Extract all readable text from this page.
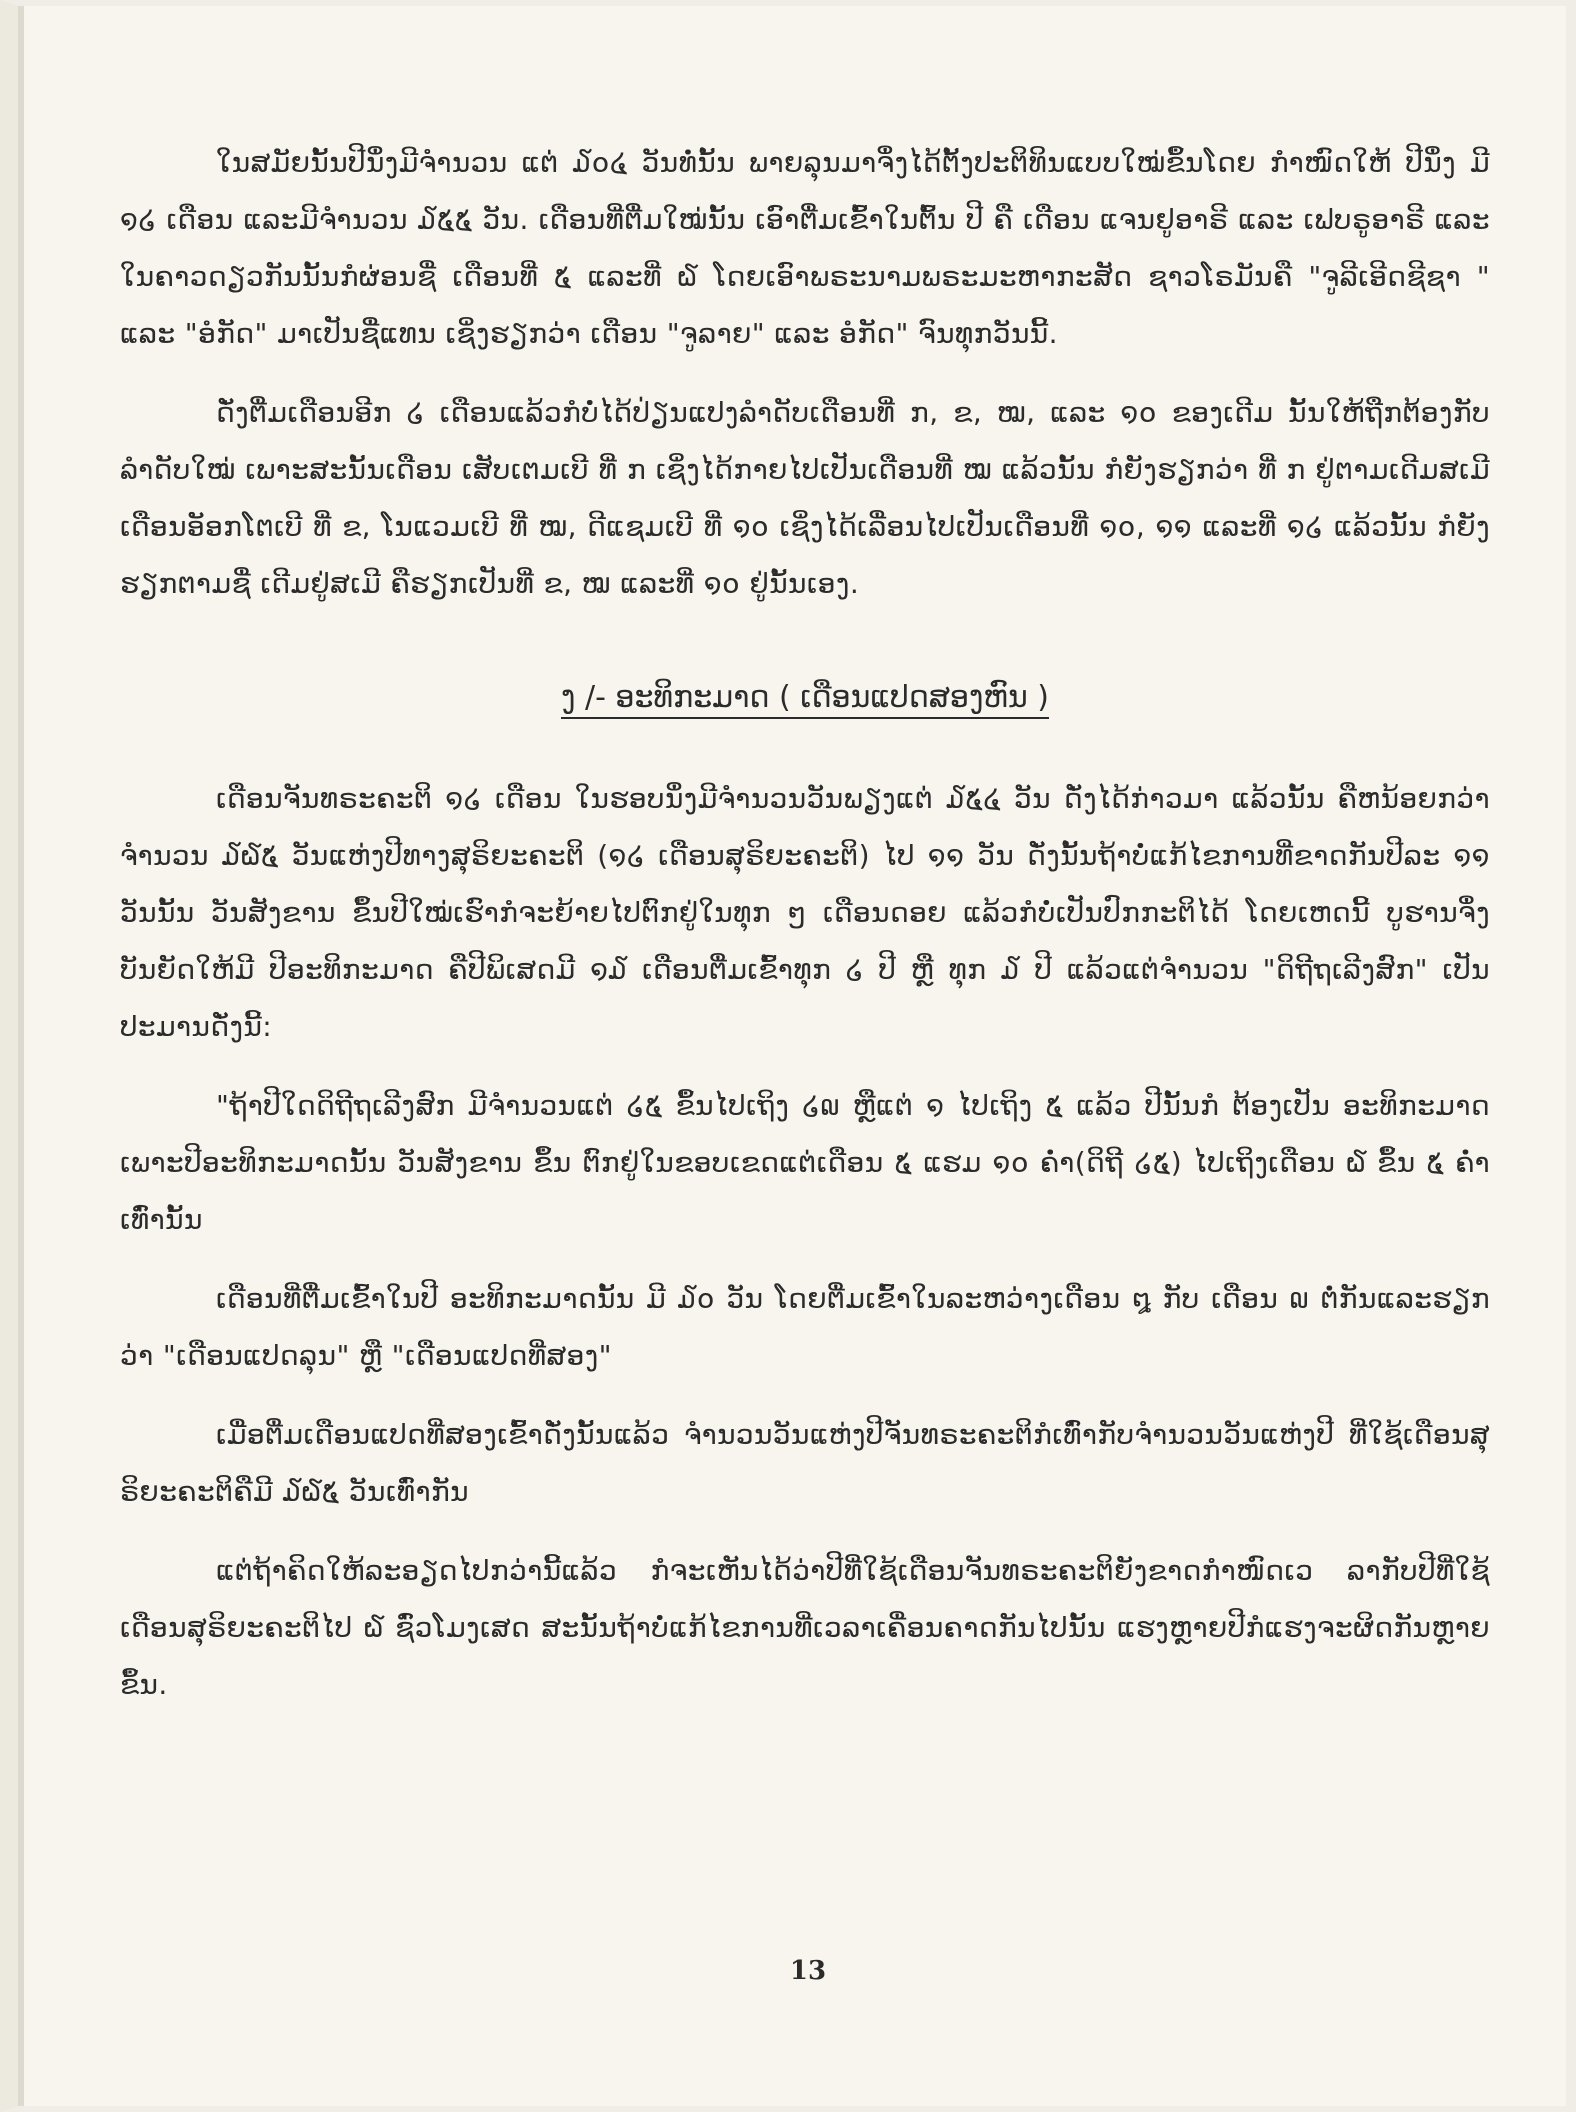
ໃນສມັຍນັ້ນປີນຶ່ງມີຈຳນວນ ແຕ່ ໓໐໔ ວັນທໍ່ນັ້ນ ພາຍລຸນມາຈຶ່ງໄດ້ຕັ້ງປະຕິທິນແບບໃໝ່ຂຶ້ນໂດຍ ກຳໜົດໃຫ້ ປີນຶ່ງ ມີ ໑໒ ເດືອນ ແລະມີຈຳນວນ ໓໕໕ ວັນ. ເດືອນທີ່ຕື່ມໃໝ່ນັ້ນ ເອົາຕື່ມເຂົ້າໃນຕົ້ນ ປີ ຄື ເດືອນ ແຈນຢູອາຣີ ແລະ ເຟບຣູອາຣີ ແລະໃນຄາວດຽວກັນນັ້ນກໍຜ່ອນຊື່ ເດືອນທີ່ ໕ ແລະທີ່ ໖ ໂດຍເອົາພຣະນາມພຣະມະຫາກະສັດ ຊາວໂຣມັນຄື "ຈູລີເອີດຊີຊາ " ແລະ "ອໍກັດ" ມາເປັນຊື່ແທນ ເຊິ່ງຮຽກວ່າ ເດືອນ "ຈູລາຍ" ແລະ ອໍກັດ" ຈົນທຸກວັນນີ້.

ດັ່ງຕື່ມເດືອນອີກ ໒ ເດືອນແລ້ວກໍບໍ່ໄດ້ປ່ຽນແປງລຳດັບເດືອນທີ່ ກ, ຂ, ໝ, ແລະ ໑໐ ຂອງເດີມ ນັ້ນໃຫ້ຖືກຕ້ອງກັບລຳດັບໃໝ່ ເພາະສະນັ້ນເດືອນ ເສັບເຕມເບີ ທີ່ ກ ເຊິ່ງໄດ້ກາຍໄປເປັນເດືອນທີ່ ໝ ແລ້ວນັ້ນ ກໍຍັງຮຽກວ່າ ທີ່ ກ ຢູ່ຕາມເດີມສເມີ ເດືອນອັອກໂຕເບີ ທີ່ ຂ, ໂນແວມເບີ ທີ່ ໝ, ດີແຊມເບີ ທີ່ ໑໐ ເຊິ່ງໄດ້ເລື່ອນໄປເປັນເດືອນທີ່ ໑໐, ໑໑ ແລະທີ່ ໑໒ ແລ້ວນັ້ນ ກໍຍັງຮຽກຕາມຊື່ ເດີມຢູ່ສເມີ ຄືຮຽກເປັນທີ່ ຂ, ໝ ແລະທີ່ ໑໐ ຢູ່ນັ້ນເອງ.

ງ /- ອະທິກະມາດ ( ເດືອນແປດສອງຫົນ )

ເດືອນຈັນທຣະຄະຕິ ໑໒ ເດືອນ ໃນຮອບນຶ່ງມີຈຳນວນວັນພຽງແຕ່ ໓໕໔ ວັນ ດັ່ງໄດ້ກ່າວມາ ແລ້ວນັ້ນ ຄືຫນ້ອຍກວ່າຈຳນວນ ໓໖໕ ວັນແຫ່ງປີທາງສຸຣິຍະຄະຕິ (໑໒ ເດືອນສຸຣິຍະຄະຕິ) ໄປ ໑໑ ວັນ ດັ່ງນັ້ນຖ້າບໍ່ແກ້ໄຂການທີ່ຂາດກັນປີລະ ໑໑ ວັນນັ້ນ ວັນສັງຂານ ຂຶ້ນປີໃໝ່ເຮົາກໍຈະຍ້າຍໄປຕົກຢູ່ໃນທຸກ ໆ ເດືອນດອຍ ແລ້ວກໍບໍ່ເປັນປົກກະຕິໄດ້ ໂດຍເຫດນີ້ ບູຮານຈຶ່ງບັນຍັດໃຫ້ມີ ປີອະທິກະມາດ ຄືປີພິເສດມີ ໑໓ ເດືອນຕື່ມເຂົ້າທຸກ ໒ ປີ ຫຼື ທຸກ ໓ ປີ ແລ້ວແຕ່ຈຳນວນ "ດິຖີຖເລີງສົກ" ເປັນປະມານດັ່ງນີ້:

"ຖ້າປີໃດດິຖີຖເລີງສົກ ມີຈຳນວນແຕ່ ໒໕ ຂຶ້ນໄປເຖິງ ໒໙ ຫຼືແຕ່ ໑ ໄປເຖິງ ໕ ແລ້ວ ປີນັ້ນກໍ ຕ້ອງເປັນ ອະທິກະມາດ ເພາະປີອະທິກະມາດນັ້ນ ວັນສັງຂານ ຂຶ້ນ ຕົກຢູ່ໃນຂອບເຂດແຕ່ເດືອນ ໕ ແຮມ ໑໐ ຄ່ຳ(ດິຖີ ໒໕) ໄປເຖິງເດືອນ ໖ ຂຶ້ນ ໕ ຄ່ຳເທົ່ານັ້ນ

ເດືອນທີ່ຕື່ມເຂົ້າໃນປີ ອະທິກະມາດນັ້ນ ມີ ໓໐ ວັນ ໂດຍຕື່ມເຂົ້າໃນລະຫວ່າງເດືອນ ໘ ກັບ ເດືອນ ໙ ຕໍ່ກັນແລະຮຽກວ່າ "ເດືອນແປດລຸນ" ຫຼື "ເດືອນແປດທີ່ສອງ"

ເມື່ອຕື່ມເດືອນແປດທີ່ສອງເຂົ້າດັ່ງນັ້ນແລ້ວ ຈຳນວນວັນແຫ່ງປີຈັນທຣະຄະຕິກໍເທົ່າກັບຈຳນວນວັນແຫ່ງປີ ທີ່ໃຊ້ເດືອນສຸຣິຍະຄະຕິຄືມີ ໓໖໕ ວັນເທົ່າກັນ

ແຕ່ຖ້າຄິດໃຫ້ລະອຽດໄປກວ່ານີ້ແລ້ວ ກໍຈະເຫັນໄດ້ວ່າປີທີ່ໃຊ້ເດືອນຈັນທຣະຄະຕິຍັງຂາດກຳໜົດເວ ລາກັບປີທີ່ໃຊ້ເດືອນສຸຣິຍະຄະຕິໄປ ໖ ຊົ່ວໂມງເສດ ສະນັ້ນຖ້າບໍ່ແກ້ໄຂການທີ່ເວລາເຄື່ອນຄາດກັນໄປນັ້ນ ແຮງຫຼາຍປີກໍແຮງຈະຜິດກັນຫຼາຍຂຶ້ນ.

13
